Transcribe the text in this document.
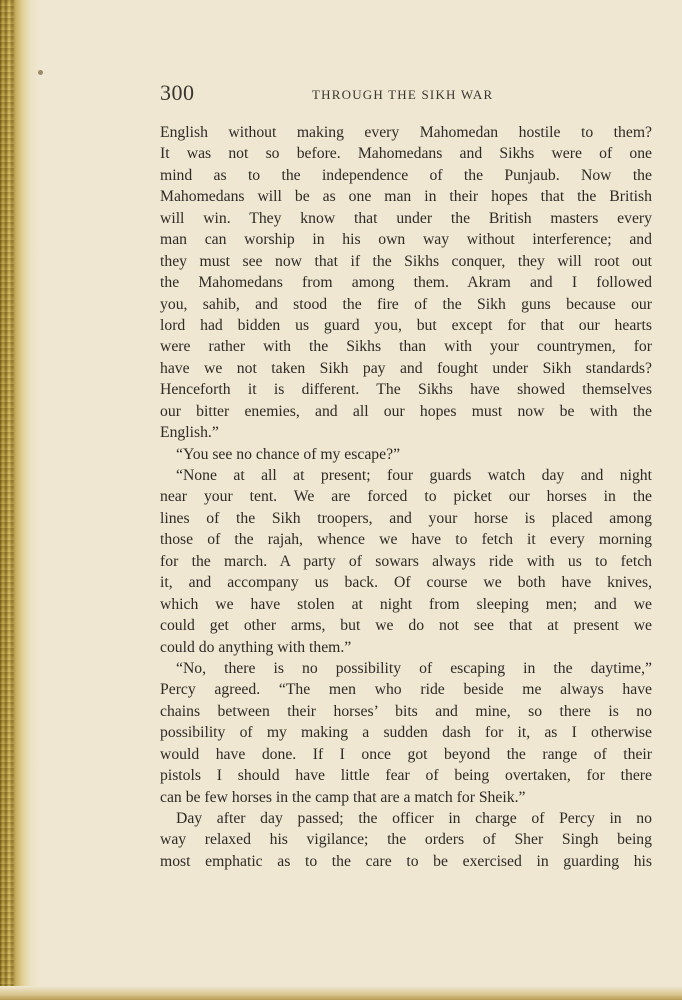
300	THROUGH THE SIKH WAR
English without making every Mahomedan hostile to them?
It was not so before. Mahomedans and Sikhs were of one
mind as to the independence of the Punjaub. Now the
Mahomedans will be as one man in their hopes that the British
will win. They know that under the British masters every
man can worship in his own way without interference; and
they must see now that if the Sikhs conquer, they will root out
the Mahomedans from among them. Akram and I followed
you, sahib, and stood the fire of the Sikh guns because our
lord had bidden us guard you, but except for that our hearts
were rather with the Sikhs than with your countrymen, for
have we not taken Sikh pay and fought under Sikh standards?
Henceforth it is different. The Sikhs have showed themselves
our bitter enemies, and all our hopes must now be with the
English.”
“You see no chance of my escape?”
“None at all at present; four guards watch day and night
near your tent. We are forced to picket our horses in the
lines of the Sikh troopers, and your horse is placed among
those of the rajah, whence we have to fetch it every morning
for the march. A party of sowars always ride with us to fetch
it, and accompany us back. Of course we both have knives,
which we have stolen at night from sleeping men; and we
could get other arms, but we do not see that at present we
could do anything with them.”
“No, there is no possibility of escaping in the daytime,”
Percy agreed. “The men who ride beside me always have
chains between their horses’ bits and mine, so there is no
possibility of my making a sudden dash for it, as I otherwise
would have done. If I once got beyond the range of their
pistols I should have little fear of being overtaken, for there
can be few horses in the camp that are a match for Sheik.”
Day after day passed; the officer in charge of Percy in no
way relaxed his vigilance; the orders of Sher Singh being
most emphatic as to the care to be exercised in guarding his
